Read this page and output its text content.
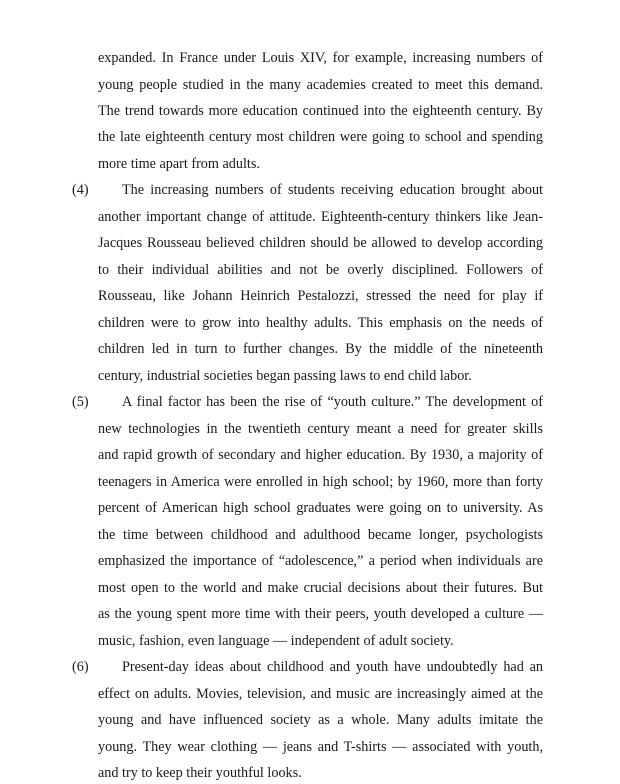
expanded. In France under Louis XIV, for example, increasing numbers of
young people studied in the many academies created to meet this demand.
The trend towards more education continued into the eighteenth century. By
the late eighteenth century most children were going to school and spending
more time apart from adults.
(4) The increasing numbers of students receiving education brought about
another important change of attitude. Eighteenth-century thinkers like Jean-
Jacques Rousseau believed children should be allowed to develop according
to their individual abilities and not be overly disciplined. Followers of
Rousseau, like Johann Heinrich Pestalozzi, stressed the need for play if
children were to grow into healthy adults. This emphasis on the needs of
children led in turn to further changes. By the middle of the nineteenth
century, industrial societies began passing laws to end child labor.
(5) A final factor has been the rise of “youth culture.” The development of
new technologies in the twentieth century meant a need for greater skills
and rapid growth of secondary and higher education. By 1930, a majority of
teenagers in America were enrolled in high school; by 1960, more than forty
percent of American high school graduates were going on to university. As
the time between childhood and adulthood became longer, psychologists
emphasized the importance of “adolescence,” a period when individuals are
most open to the world and make crucial decisions about their futures. But
as the young spent more time with their peers, youth developed a culture —
music, fashion, even language — independent of adult society.
(6) Present-day ideas about childhood and youth have undoubtedly had an
effect on adults. Movies, television, and music are increasingly aimed at the
young and have influenced society as a whole. Many adults imitate the
young. They wear clothing — jeans and T-shirts — associated with youth,
and try to keep their youthful looks.
